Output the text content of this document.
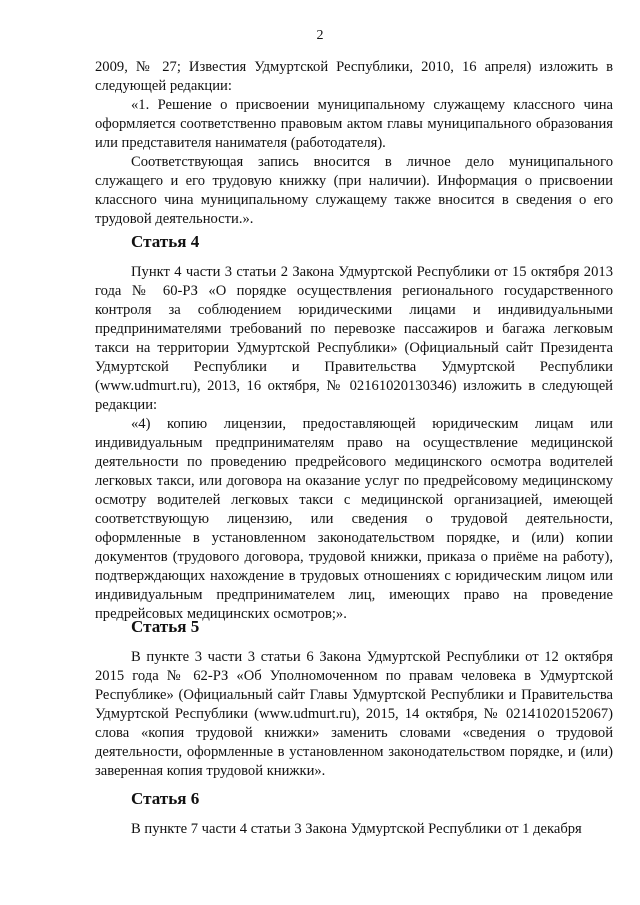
2

2009, № 27; Известия Удмуртской Республики, 2010, 16 апреля) изложить в следующей редакции:

«1. Решение о присвоении муниципальному служащему классного чина оформляется соответственно правовым актом главы муниципального образования или представителя нанимателя (работодателя).

Соответствующая запись вносится в личное дело муниципального служащего и его трудовую книжку (при наличии). Информация о присвоении классного чина муниципальному служащему также вносится в сведения о его трудовой деятельности.».

Статья 4

Пункт 4 части 3 статьи 2 Закона Удмуртской Республики от 15 октября 2013 года № 60-РЗ «О порядке осуществления регионального государственного контроля за соблюдением юридическими лицами и индивидуальными предпринимателями требований по перевозке пассажиров и багажа легковым такси на территории Удмуртской Республики» (Официальный сайт Президента Удмуртской Республики и Правительства Удмуртской Республики (www.udmurt.ru), 2013, 16 октября, № 02161020130346) изложить в следующей редакции:

«4) копию лицензии, предоставляющей юридическим лицам или индивидуальным предпринимателям право на осуществление медицинской деятельности по проведению предрейсового медицинского осмотра водителей легковых такси, или договора на оказание услуг по предрейсовому медицинскому осмотру водителей легковых такси с медицинской организацией, имеющей соответствующую лицензию, или сведения о трудовой деятельности, оформленные в установленном законодательством порядке, и (или) копии документов (трудового договора, трудовой книжки, приказа о приёме на работу), подтверждающих нахождение в трудовых отношениях с юридическим лицом или индивидуальным предпринимателем лиц, имеющих право на проведение предрейсовых медицинских осмотров;».

Статья 5

В пункте 3 части 3 статьи 6 Закона Удмуртской Республики от 12 октября 2015 года № 62-РЗ «Об Уполномоченном по правам человека в Удмуртской Республике» (Официальный сайт Главы Удмуртской Республики и Правительства Удмуртской Республики (www.udmurt.ru), 2015, 14 октября, № 02141020152067) слова «копия трудовой книжки» заменить словами «сведения о трудовой деятельности, оформленные в установленном законодательством порядке, и (или) заверенная копия трудовой книжки».

Статья 6

В пункте 7 части 4 статьи 3 Закона Удмуртской Республики от 1 декабря
